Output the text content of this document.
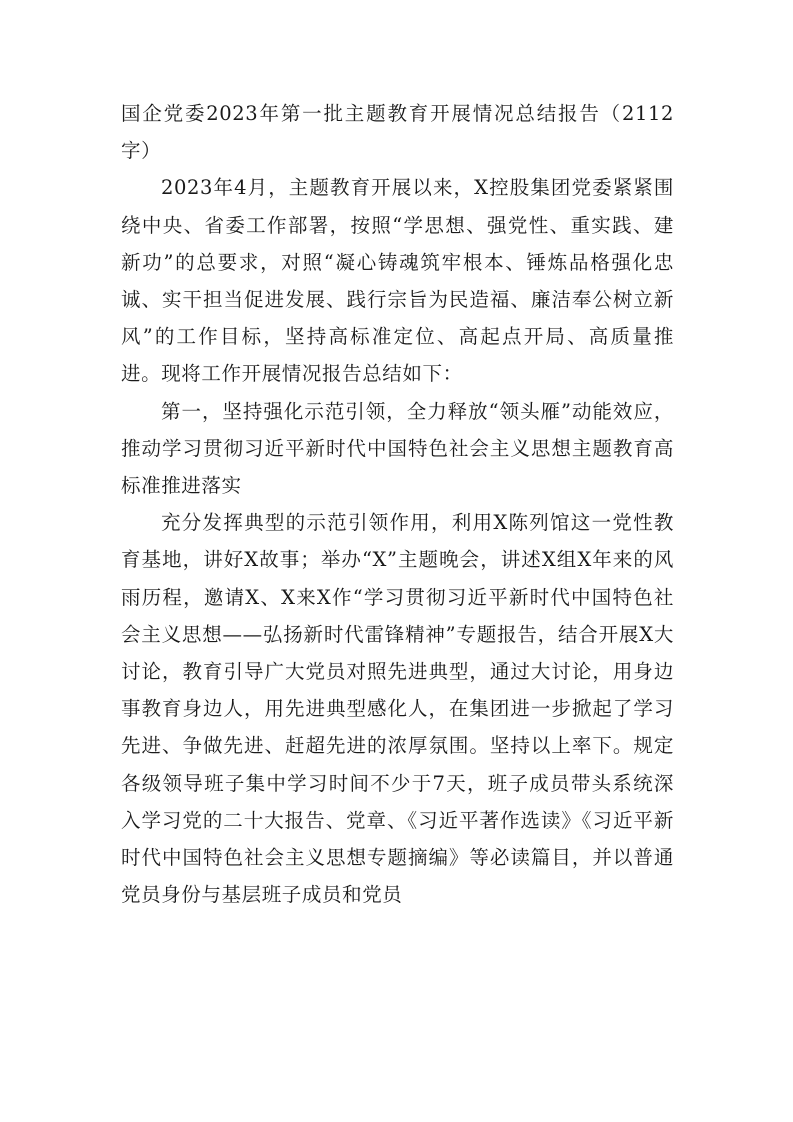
国企党委2023年第一批主题教育开展情况总结报告（2112字）

2023年4月，主题教育开展以来，X控股集团党委紧紧围绕中央、省委工作部署，按照“学思想、强党性、重实践、建新功”的总要求，对照“凝心铸魂筑牢根本、锤炼品格强化忠诚、实干担当促进发展、践行宗旨为民造福、廉洁奉公树立新风”的工作目标，坚持高标准定位、高起点开局、高质量推进。现将工作开展情况报告总结如下：

第一，坚持强化示范引领，全力释放“领头雁”动能效应，推动学习贯彻习近平新时代中国特色社会主义思想主题教育高标准推进落实

充分发挥典型的示范引领作用，利用X陈列馆这一党性教育基地，讲好X故事；举办“X”主题晚会，讲述X组X年来的风雨历程，邀请X、X来X作“学习贯彻习近平新时代中国特色社会主义思想——弘扬新时代雷锋精神”专题报告，结合开展X大讨论，教育引导广大党员对照先进典型，通过大讨论，用身边事教育身边人，用先进典型感化人，在集团进一步掀起了学习先进、争做先进、赶超先进的浓厚氛围。坚持以上率下。规定各级领导班子集中学习时间不少于7天，班子成员带头系统深入学习党的二十大报告、党章、《习近平著作选读》《习近平新时代中国特色社会主义思想专题摘编》等必读篇目，并以普通党员身份与基层班子成员和党员
